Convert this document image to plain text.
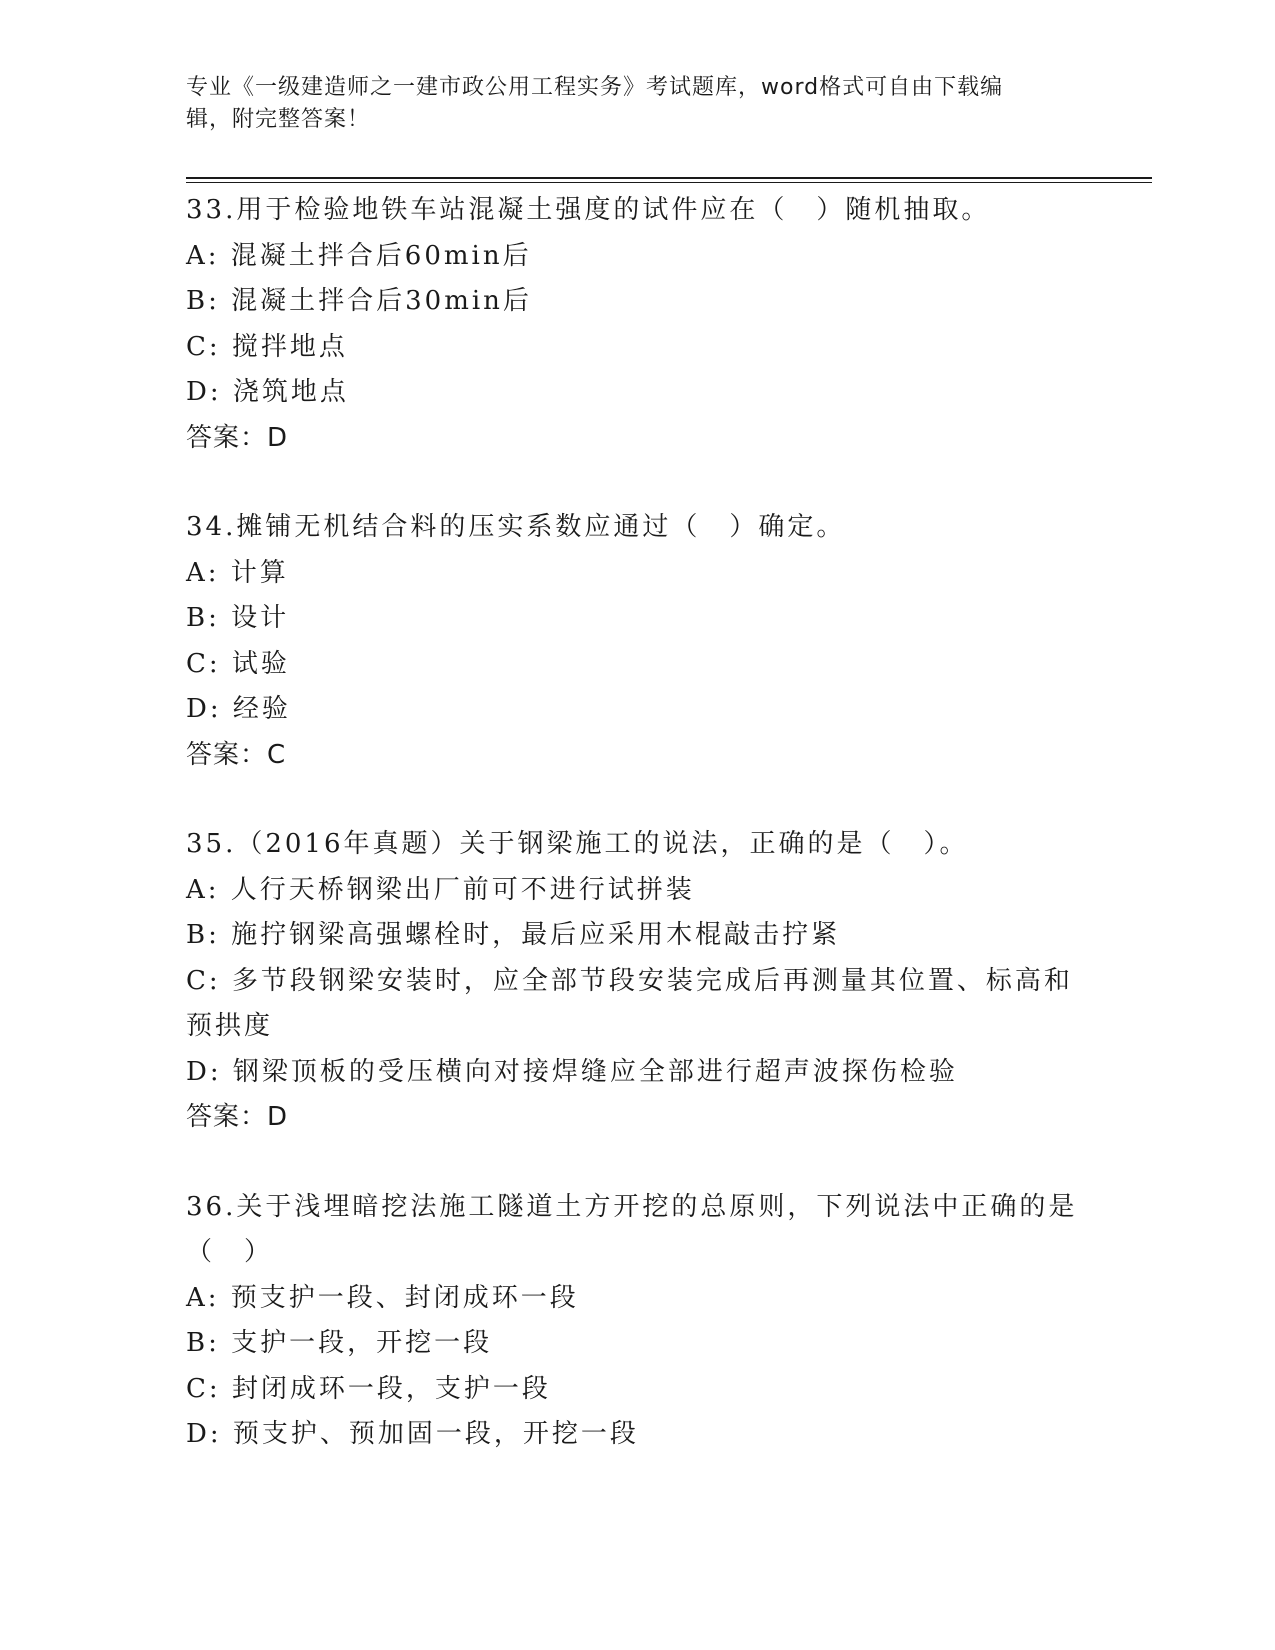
专业《一级建造师之一建市政公用工程实务》考试题库，word格式可自由下载编
辑，附完整答案！
33.用于检验地铁车站混凝土强度的试件应在（　）随机抽取。
A: 混凝土拌合后60min后
B: 混凝土拌合后30min后
C: 搅拌地点
D: 浇筑地点
答案：D
34.摊铺无机结合料的压实系数应通过（　）确定。
A: 计算
B: 设计
C: 试验
D: 经验
答案：C
35.（2016年真题）关于钢梁施工的说法，正确的是（　）。
A: 人行天桥钢梁出厂前可不进行试拼装
B: 施拧钢梁高强螺栓时，最后应采用木棍敲击拧紧
C: 多节段钢梁安装时，应全部节段安装完成后再测量其位置、标高和
预拱度
D: 钢梁顶板的受压横向对接焊缝应全部进行超声波探伤检验
答案：D
36.关于浅埋暗挖法施工隧道土方开挖的总原则，下列说法中正确的是
（　）
A: 预支护一段、封闭成环一段
B: 支护一段，开挖一段
C: 封闭成环一段，支护一段
D: 预支护、预加固一段，开挖一段
